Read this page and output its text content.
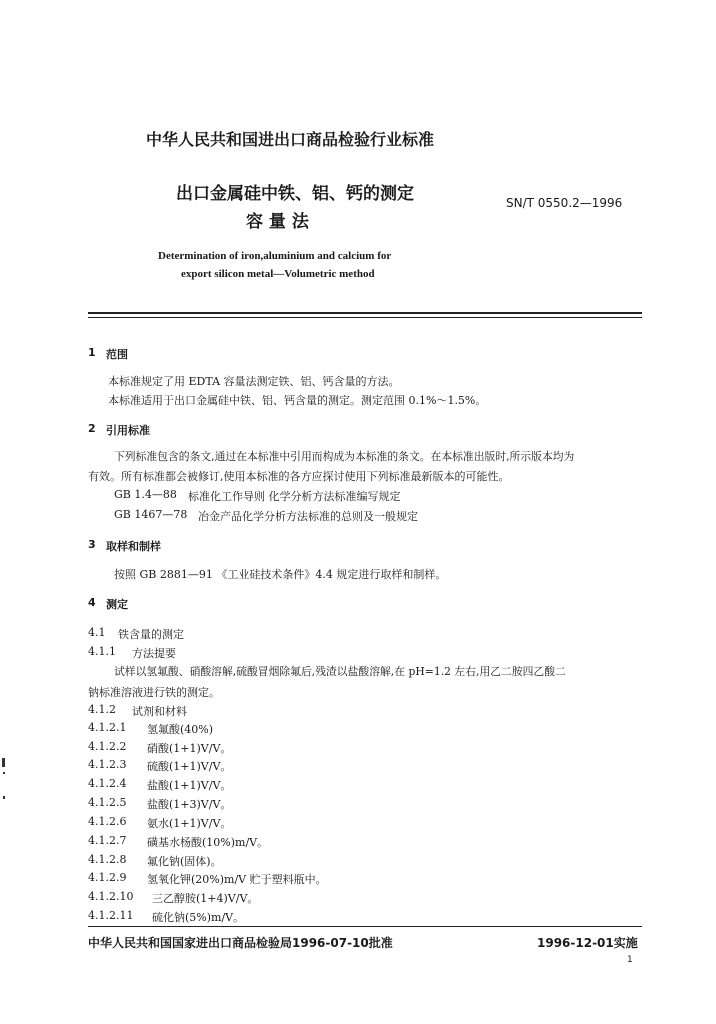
中华人民共和国进出口商品检验行业标准
出口金属硅中铁、铝、钙的测定
容 量 法
SN/T 0550.2—1996
Determination of iron,aluminium and calcium for
export silicon metal—Volumetric method
1 范围
本标准规定了用 EDTA 容量法测定铁、铝、钙含量的方法。
本标准适用于出口金属硅中铁、铝、钙含量的测定。测定范围 0.1%～1.5%。
2 引用标准
下列标准包含的条文,通过在本标准中引用而构成为本标准的条文。在本标准出版时,所示版本均为
有效。所有标准都会被修订,使用本标准的各方应探讨使用下列标准最新版本的可能性。
GB 1.4—88 标准化工作导则 化学分析方法标准编写规定
GB 1467—78 冶金产品化学分析方法标准的总则及一般规定
3 取样和制样
按照 GB 2881—91 《工业硅技术条件》4.4 规定进行取样和制样。
4 测定
4.1 铁含量的测定
4.1.1 方法提要
试样以氢氟酸、硝酸溶解,硫酸冒烟除氟后,残渣以盐酸溶解,在 pH=1.2 左右,用乙二胺四乙酸二
钠标准溶液进行铁的测定。
4.1.2 试剂和材料
4.1.2.1 氢氟酸(40%)
4.1.2.2 硝酸(1+1)V/V。
4.1.2.3 硫酸(1+1)V/V。
4.1.2.4 盐酸(1+1)V/V。
4.1.2.5 盐酸(1+3)V/V。
4.1.2.6 氨水(1+1)V/V。
4.1.2.7 磺基水杨酸(10%)m/V。
4.1.2.8 氟化钠(固体)。
4.1.2.9 氢氧化钾(20%)m/V 贮于塑料瓶中。
4.1.2.10 三乙醇胺(1+4)V/V。
4.1.2.11 硫化钠(5%)m/V。
中华人民共和国国家进出口商品检验局1996-07-10批准	1996-12-01实施
1
